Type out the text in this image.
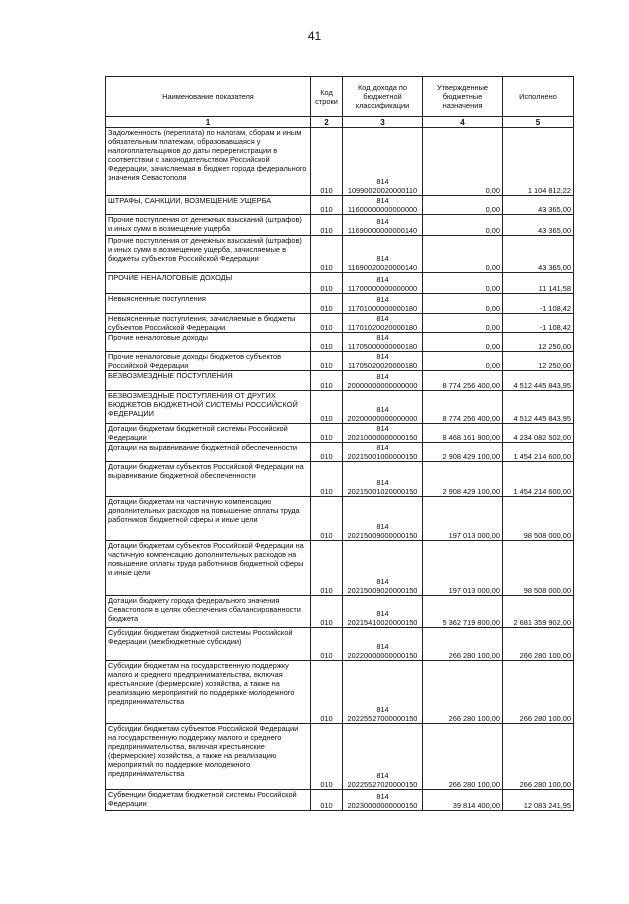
41
Наименование показателя	Код строки	Код дохода по бюджетной классификации	Утвержденные бюджетные назначения	Исполнено
1	2	3	4	5
Задолженность (переплата) по налогам, сборам и иным обязательным платежам, образовавшаяся у налогоплательщиков до даты перерегистрации в соответствии с законодательством Российской Федерации, зачисляемая в бюджет города федерального значения Севастополя	010	814 10990020020000110	0,00	1 104 812,22
ШТРАФЫ, САНКЦИИ, ВОЗМЕЩЕНИЕ УЩЕРБА	010	814 11600000000000000	0,00	43 365,00
Прочие поступления от денежных взысканий (штрафов) и иных сумм в возмещение ущерба	010	814 11690000000000140	0,00	43 365,00
Прочие поступления от денежных взысканий (штрафов) и иных сумм в возмещение ущерба, зачисляемые в бюджеты субъектов Российской Федерации	010	814 11690020020000140	0,00	43 365,00
ПРОЧИЕ НЕНАЛОГОВЫЕ ДОХОДЫ	010	814 11700000000000000	0,00	11 141,58
Невыясненные поступления	010	814 11701000000000180	0,00	-1 108,42
Невыясненные поступления, зачисляемые в бюджеты субъектов Российской Федерации	010	814 11701020020000180	0,00	-1 108,42
Прочие неналоговые доходы	010	814 11705000000000180	0,00	12 250,00
Прочие неналоговые доходы бюджетов субъектов Российской Федерации	010	814 11705020020000180	0,00	12 250,00
БЕЗВОЗМЕЗДНЫЕ ПОСТУПЛЕНИЯ	010	814 20000000000000000	8 774 256 400,00	4 512 445 843,95
БЕЗВОЗМЕЗДНЫЕ ПОСТУПЛЕНИЯ ОТ ДРУГИХ БЮДЖЕТОВ БЮДЖЕТНОЙ СИСТЕМЫ РОССИЙСКОЙ ФЕДЕРАЦИИ	010	814 20200000000000000	8 774 256 400,00	4 512 445 843,95
Дотации бюджетам бюджетной системы Российской Федерации	010	814 20210000000000150	8 468 161 900,00	4 234 082 502,00
Дотации на выравнивание бюджетной обеспеченности	010	814 20215001000000150	2 908 429 100,00	1 454 214 600,00
Дотации бюджетам субъектов Российской Федерации на выравнивание бюджетной обеспеченности	010	814 20215001020000150	2 908 429 100,00	1 454 214 600,00
Дотации бюджетам на частичную компенсацию дополнительных расходов на повышение оплаты труда работников бюджетной сферы и иные цели	010	814 20215009000000150	197 013 000,00	98 508 000,00
Дотации бюджетам субъектов Российской Федерации на частичную компенсацию дополнительных расходов на повышение оплаты труда работников бюджетной сферы и иные цели	010	814 20215009020000150	197 013 000,00	98 508 000,00
Дотации бюджету города федерального значения Севастополя в целях обеспечения сбалансированности бюджета	010	814 20215410020000150	5 362 719 800,00	2 681 359 902,00
Субсидии бюджетам бюджетной системы Российской Федерации (межбюджетные субсидии)	010	814 20220000000000150	266 280 100,00	266 280 100,00
Субсидии бюджетам на государственную поддержку малого и среднего предпринимательства, включая крестьянские (фермерские) хозяйства, а также на реализацию мероприятий по поддержке молодежного предпринимательства	010	814 20225527000000150	266 280 100,00	266 280 100,00
Субсидии бюджетам субъектов Российской Федерации на государственную поддержку малого и среднего предпринимательства, включая крестьянские (фермерские) хозяйства, а также на реализацию мероприятий по поддержке молодежного предпринимательства	010	814 20225527020000150	266 280 100,00	266 280 100,00
Субвенции бюджетам бюджетной системы Российской Федерации	010	814 20230000000000150	39 814 400,00	12 083 241,95
